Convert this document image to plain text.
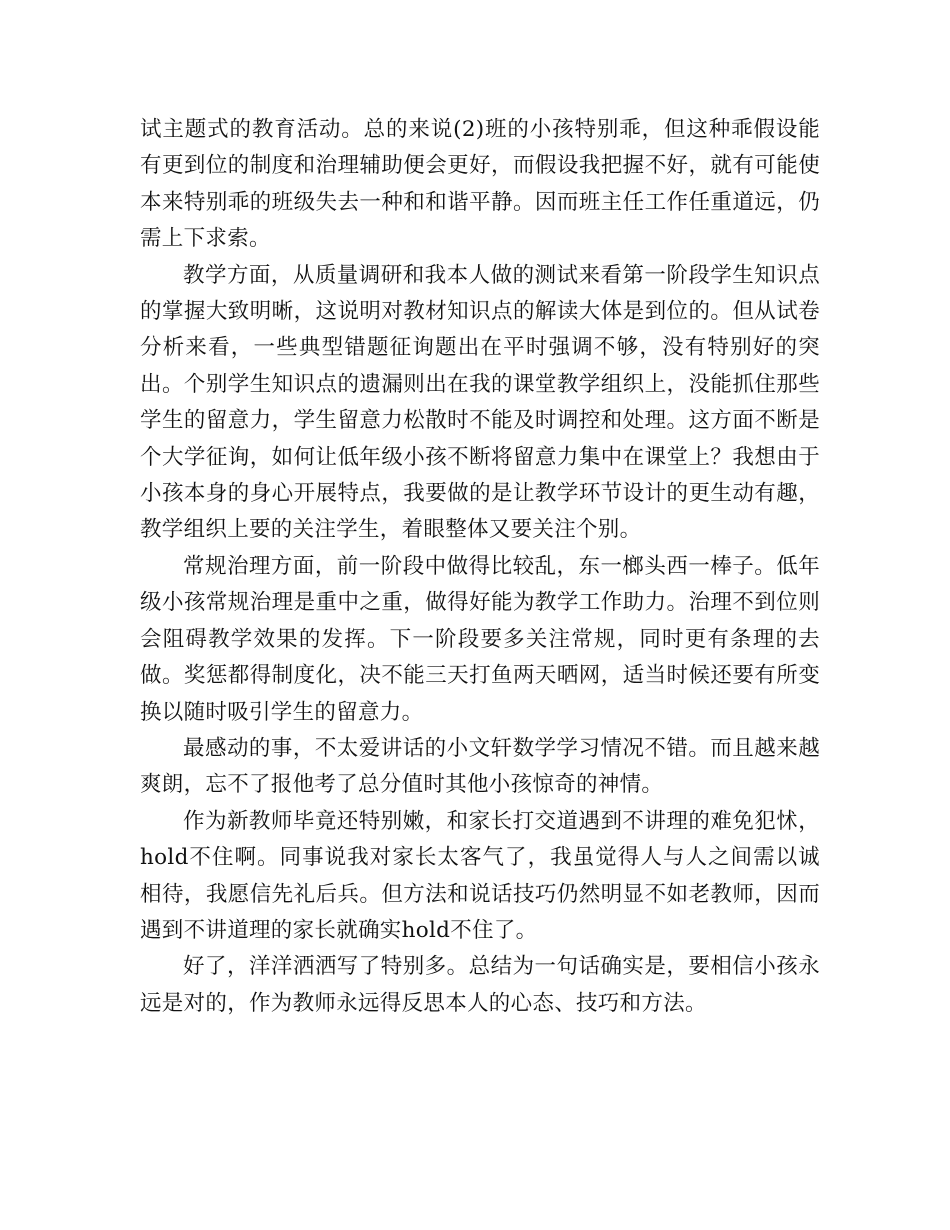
试主题式的教育活动。总的来说(2)班的小孩特别乖，但这种乖假设能有更到位的制度和治理辅助便会更好，而假设我把握不好，就有可能使本来特别乖的班级失去一种和和谐平静。因而班主任工作任重道远，仍需上下求索。

教学方面，从质量调研和我本人做的测试来看第一阶段学生知识点的掌握大致明晰，这说明对教材知识点的解读大体是到位的。但从试卷分析来看，一些典型错题征询题出在平时强调不够，没有特别好的突出。个别学生知识点的遗漏则出在我的课堂教学组织上，没能抓住那些学生的留意力，学生留意力松散时不能及时调控和处理。这方面不断是个大学征询，如何让低年级小孩不断将留意力集中在课堂上？我想由于小孩本身的身心开展特点，我要做的是让教学环节设计的更生动有趣，教学组织上要的关注学生，着眼整体又要关注个别。

常规治理方面，前一阶段中做得比较乱，东一榔头西一棒子。低年级小孩常规治理是重中之重，做得好能为教学工作助力。治理不到位则会阻碍教学效果的发挥。下一阶段要多关注常规，同时更有条理的去做。奖惩都得制度化，决不能三天打鱼两天晒网，适当时候还要有所变换以随时吸引学生的留意力。

最感动的事，不太爱讲话的小文轩数学学习情况不错。而且越来越爽朗，忘不了报他考了总分值时其他小孩惊奇的神情。

作为新教师毕竟还特别嫩，和家长打交道遇到不讲理的难免犯怵，hold不住啊。同事说我对家长太客气了，我虽觉得人与人之间需以诚相待，我愿信先礼后兵。但方法和说话技巧仍然明显不如老教师，因而遇到不讲道理的家长就确实hold不住了。

好了，洋洋洒洒写了特别多。总结为一句话确实是，要相信小孩永远是对的，作为教师永远得反思本人的心态、技巧和方法。
